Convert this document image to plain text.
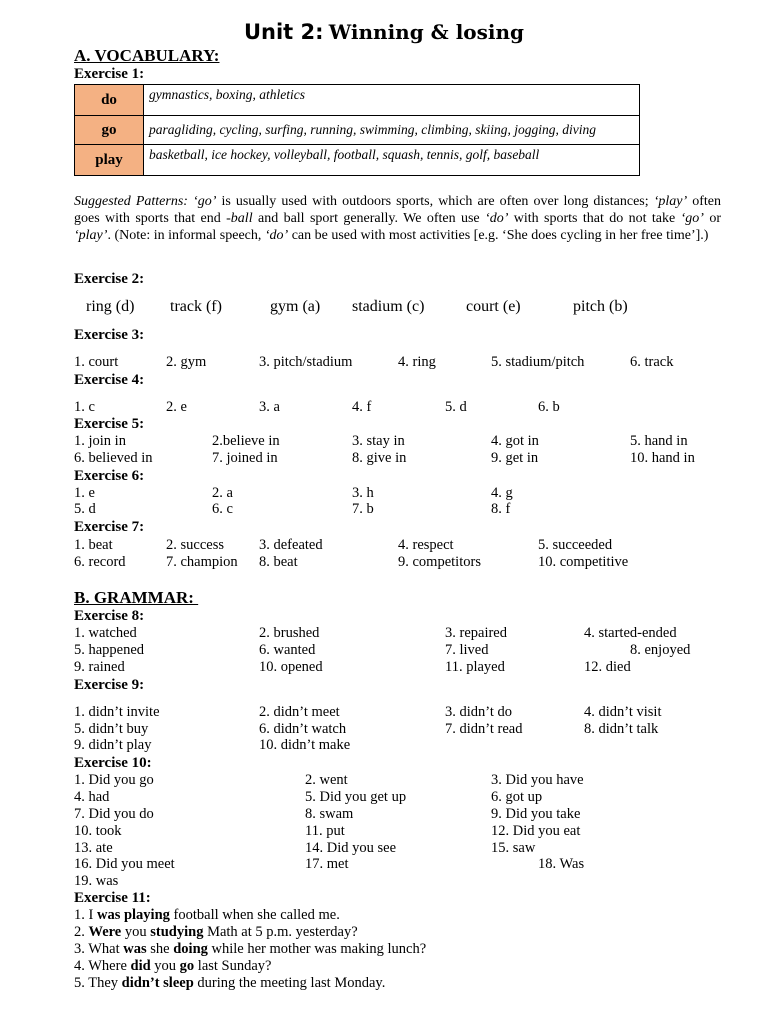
Unit 2: Winning & losing
A. VOCABULARY:
Exercise 1:
do	gymnastics, boxing, athletics
go	paragliding, cycling, surfing, running, swimming, climbing, skiing, jogging, diving
play	basketball, ice hockey, volleyball, football, squash, tennis, golf, baseball
Suggested Patterns: ‘go’ is usually used with outdoors sports, which are often over long distances; ‘play’ often goes with sports that end -ball and ball sport generally. We often use ‘do’ with sports that do not take ‘go’ or ‘play’. (Note: in informal speech, ‘do’ can be used with most activities [e.g. ‘She does cycling in her free time’].)
Exercise 2:
ring (d) track (f)	gym (a) stadium (c)	court (e)	pitch (b)
Exercise 3:
1. court	2. gym	3. pitch/stadium	4. ring	5. stadium/pitch	6. track
Exercise 4:
1. c	2. e	3. a	4. f	5. d	6. b
Exercise 5:
1. join in	2.believe in	3. stay in	4. got in	5. hand in
6. believed in	7. joined in	8. give in	9. get in	10. hand in
Exercise 6:
1. e	2. a	3. h	4. g
5. d	6. c	7. b	8. f
Exercise 7:
1. beat	2. success 3. defeated	4. respect	5. succeeded
6. record	7. champion 8. beat	9. competitors	10. competitive
B. GRAMMAR:
Exercise 8:
1. watched	2. brushed	3. repaired	4. started-ended
5. happened	6. wanted	7. lived	8. enjoyed
9. rained	10. opened	11. played	12. died
Exercise 9:
1. didn’t invite	2. didn’t meet	3. didn’t do	4. didn’t visit
5. didn’t buy	6. didn’t watch	7. didn’t read	8. didn’t talk
9. didn’t play	10. didn’t make
Exercise 10:
1. Did you go	2. went	3. Did you have
4. had	5. Did you get up	6. got up
7. Did you do	8. swam	9. Did you take
10. took	11. put	12. Did you eat
13. ate	14. Did you see	15. saw
16. Did you meet	17. met	18. Was
19. was
Exercise 11:
1. I was playing football when she called me.
2. Were you studying Math at 5 p.m. yesterday?
3. What was she doing while her mother was making lunch?
4. Where did you go last Sunday?
5. They didn’t sleep during the meeting last Monday.
